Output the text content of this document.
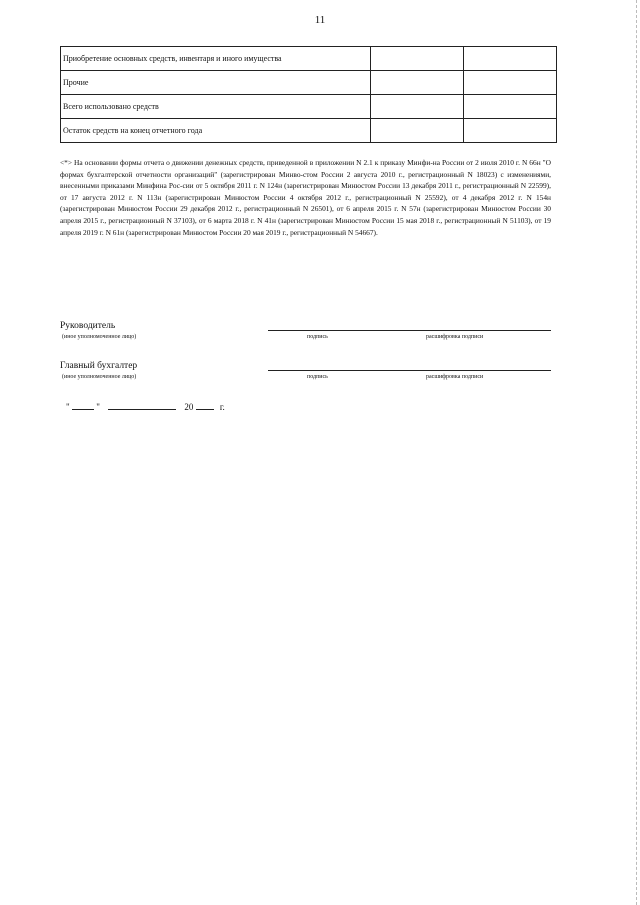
11
Приобретение основных средств, инвентаря и иного имущества		
Прочие		
Всего использовано средств		
Остаток средств на конец отчетного года		
<*> На основании формы отчета о движении денежных средств, приведенной в приложении N 2.1 к приказу Минфи-на России от 2 июля 2010 г. N 66н "О формах бухгалтерской отчетности организаций" (зарегистрирован Минво-стом России 2 августа 2010 г., регистрационный N 18023) с изменениями, внесенными приказами Минфина Рос-сии от 5 октября 2011 г. N 124н (зарегистрирован Минюстом России 13 декабря 2011 г., регистрационный N 22599), от 17 августа 2012 г. N 113н (зарегистрирован Минюстом России 4 октября 2012 г., регистрационный N 25592), от 4 декабря 2012 г. N 154н (зарегистрирован Минюстом России 29 декабря 2012 г., регистрационный N 26501), от 6 апреля 2015 г. N 57н (зарегистрирован Минюстом России 30 апреля 2015 г., регистрационный N 37103), от 6 марта 2018 г. N 41н (зарегистрирован Минюстом России 15 мая 2018 г., регистрационный N 51103), от 19 апреля 2019 г. N 61н (зарегистрирован Минюстом России 20 мая 2019 г., регистрационный N 54667).
Руководитель
(иное уполномоченное лицо)	подпись	расшифровка подписи
Главный бухгалтер
(иное уполномоченное лицо)	подпись	расшифровка подписи
"	"	20	г.
